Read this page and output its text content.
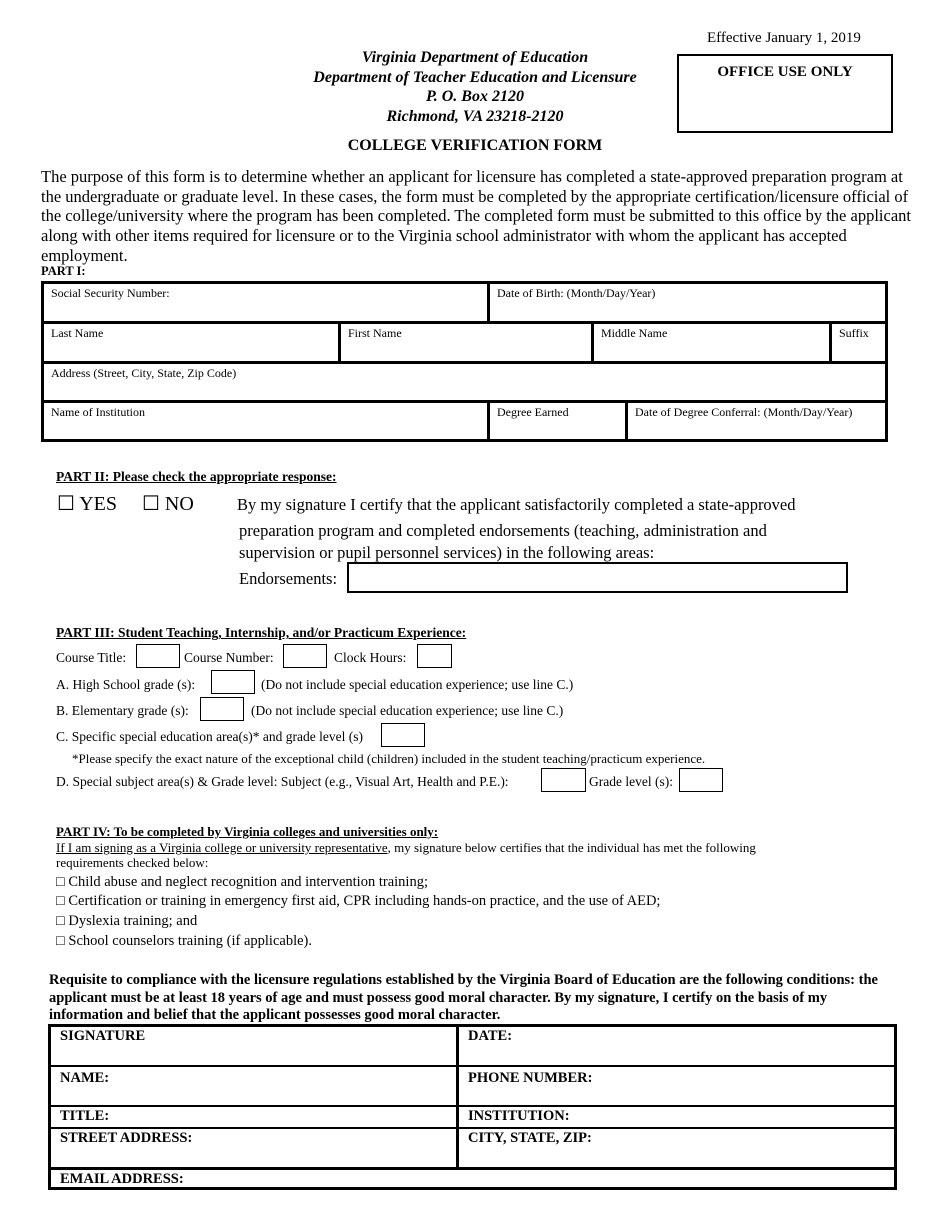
Effective January 1, 2019
OFFICE USE ONLY
Virginia Department of Education
Department of Teacher Education and Licensure
P. O. Box 2120
Richmond, VA 23218-2120
COLLEGE VERIFICATION FORM
The purpose of this form is to determine whether an applicant for licensure has completed a state-approved preparation program at the undergraduate or graduate level. In these cases, the form must be completed by the appropriate certification/licensure official of the college/university where the program has been completed. The completed form must be submitted to this office by the applicant along with other items required for licensure or to the Virginia school administrator with whom the applicant has accepted employment.
PART I:
Social Security Number:	Date of Birth: (Month/Day/Year)
Last Name	First Name	Middle Name	Suffix
Address (Street, City, State, Zip Code)
Name of Institution	Degree Earned	Date of Degree Conferral: (Month/Day/Year)
PART II: Please check the appropriate response:
☐ YES ☐ NO	By my signature I certify that the applicant satisfactorily completed a state-approved
preparation program and completed endorsements (teaching, administration and
supervision or pupil personnel services) in the following areas:
Endorsements:
PART III: Student Teaching, Internship, and/or Practicum Experience:
Course Title:	Course Number:	Clock Hours:
A. High School grade (s):	(Do not include special education experience; use line C.)
B. Elementary grade (s):	(Do not include special education experience; use line C.)
C. Specific special education area(s)* and grade level (s)
*Please specify the exact nature of the exceptional child (children) included in the student teaching/practicum experience.
D. Special subject area(s) & Grade level: Subject (e.g., Visual Art, Health and P.E.):	Grade level (s):
PART IV: To be completed by Virginia colleges and universities only:
If I am signing as a Virginia college or university representative, my signature below certifies that the individual has met the following
requirements checked below:
□ Child abuse and neglect recognition and intervention training;
□ Certification or training in emergency first aid, CPR including hands-on practice, and the use of AED;
□ Dyslexia training; and
□ School counselors training (if applicable).
Requisite to compliance with the licensure regulations established by the Virginia Board of Education are the following conditions: the applicant must be at least 18 years of age and must possess good moral character. By my signature, I certify on the basis of my information and belief that the applicant possesses good moral character.
SIGNATURE	DATE:
NAME:	PHONE NUMBER:
TITLE:	INSTITUTION:
STREET ADDRESS:	CITY, STATE, ZIP:
EMAIL ADDRESS:
